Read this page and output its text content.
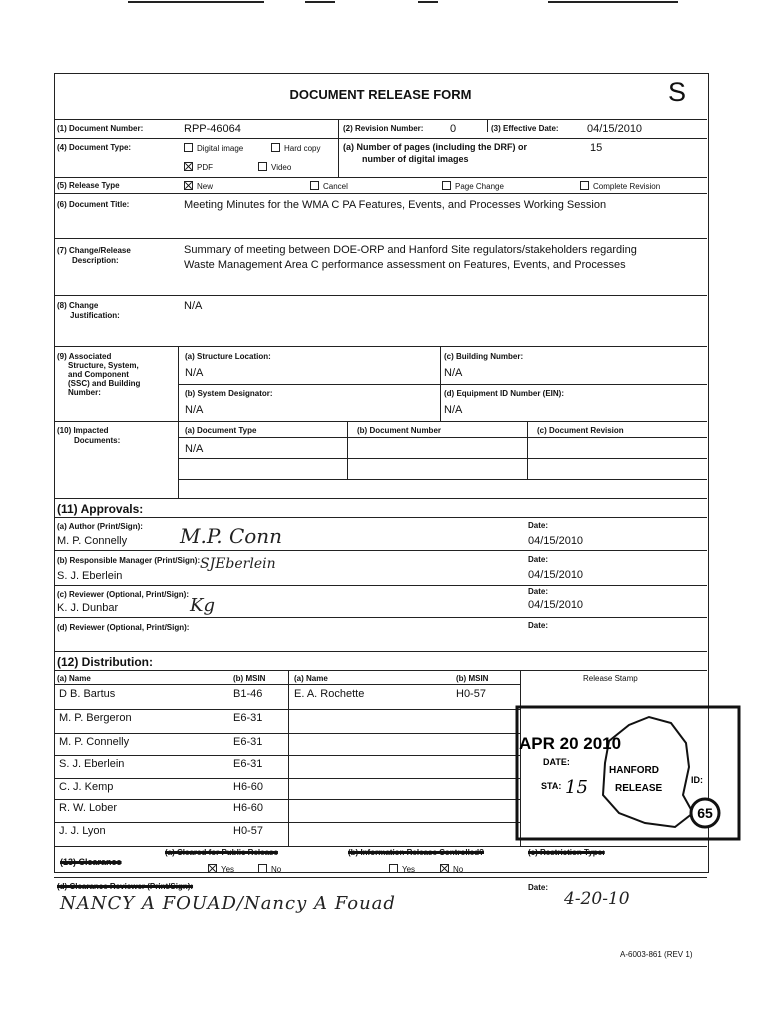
DOCUMENT RELEASE FORM	S
(1) Document Number:	RPP-46064	(2) Revision Number: 0	(3) Effective Date:	04/15/2010
(4) Document Type:	Digital image	Hard copy
PDF	Video
(a) Number of pages (including the DRF) or
number of digital images
15
(5) Release Type	New	Cancel	Page Change	Complete Revision
(6) Document Title:	Meeting Minutes for the WMA C PA Features, Events, and Processes Working Session
(7) Change/Release
Description:
Summary of meeting between DOE-ORP and Hanford Site regulators/stakeholders regarding
Waste Management Area C performance assessment on Features, Events, and Processes
(8) Change
Justification:
N/A
(9) Associated
Structure, System,
and Component
(SSC) and Building
Number:
(a) Structure Location:
N/A
(c) Building Number:
N/A
(b) System Designator:
N/A
(d) Equipment ID Number (EIN):
N/A
(10) Impacted
Documents:
(a) Document Type	(b) Document Number	(c) Document Revision
N/A
(11) Approvals:
(a) Author (Print/Sign):
M. P. Connelly	M.P. Conn	Date:
04/15/2010
(b) Responsible Manager (Print/Sign):
S. J. Eberlein
SJEberlein	Date:
04/15/2010
(c) Reviewer (Optional, Print/Sign):
K. J. Dunbar	Kg
Date:
04/15/2010
(d) Reviewer (Optional, Print/Sign):	Date:
(12) Distribution:
(a) Name	(b) MSIN	(a) Name	(b) MSIN	Release Stamp
D B. Bartus	B1-46	E. A. Rochette	H0-57
M. P. Bergeron	E6-31
M. P. Connelly	E6-31
S. J. Eberlein	E6-31
C. J. Kemp	H6-60
R. W. Lober	H6-60
J. J. Lyon	H0-57
APR 20 2010
DATE:
STA: 15
HANFORD
RELEASE
ID:
65
(13) Clearance
(a) Cleared for Public Release
Yes	No
(b) Information Release Controlled?
Yes	No
(c) Restriction Type:
(d) Clearance Reviewer (Print/Sign):	Date:
NANCY A FOUAD/Nancy A Fouad	4-20-10
A-6003-861 (REV 1)
